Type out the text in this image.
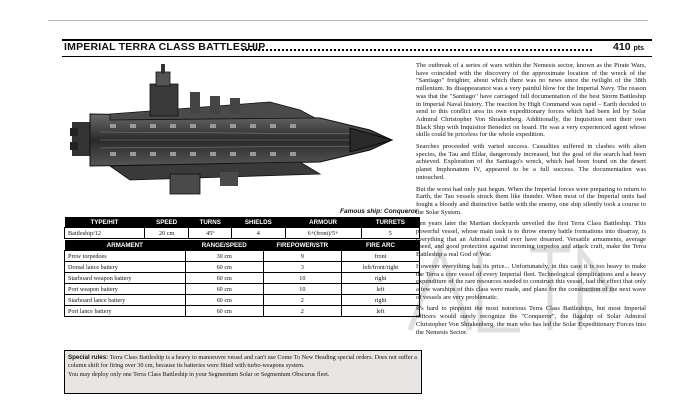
IMPERIAL TERRA CLASS BATTLESHIP	410 pts
Famous ship: Conqueror
TYPE/HIT	SPEED	TURNS	SHIELDS	ARMOUR	TURRETS
Battleship/12	20 cm	45º	4	6+(front)/5+	5
ARMAMENT	RANGE/SPEED	FIREPOWER/STR	FIRE ARC
Prow torpedoes	30 cm	9	front
Dorsal lance battery	60 cm	3	left/front/right
Starboard weapon battery	60 cm	10	right
Port weapon battery	60 cm	10	left
Starboard lance battery	60 cm	2	right
Port lance battery	60 cm	2	left

Special rules: Terra Class Battleship is a heavy to manoeuvre vessel and can't use Come To New Heading special orders. Does not suffer a column shift for firing over 30 cm, because its batteries were fitted with turbo-weapons system.

You may deploy only one Terra Class Battleship in your Segmentum Solar or Segmentum Obscurus fleet.

The outbreak of a series of wars within the Nemesis sector, known as the Pirate Wars, have coincided with the discovery of the approximate location of the wreck of the "Santiago" freighter, about which there was no news since the twilight of the 38th millenium. Its disappearance was a very painful blow for the Imperial Navy. The reason was that the "Santiago" have carriaged full documentation of the best Storm Battleship in Imperial Naval history. The reaction by High Command was rapid – Earth decided to send to this conflict area its own expeditionary forces which had been led by Solar Admiral Christopher Von Shrakenberg. Additionally, the Inquisition sent their own Black Ship with Inquisitor Benedict on board. He was a very experienced agent whose skills could be priceless for the whole expedition.

Searches proceeded with varied success. Casualties suffered in clashes with alien species, the Tau and Eldar, dangerously increased, but the goal of the search had been achieved. Exploration of the Santiago's wreck, which had been found on the desert planet Imphonatum IV, appeared to be a full success. The documentation was untouched.

But the worst had only just begun. When the Imperial forces were preparing to return to Earth, the Tau vessels struck them like thunder. When most of the Imperial units had fought a bloody and distinctive battle with the enemy, one ship silently took a course to the Solar System.

Ten years later the Martian dockyards unveiled the first Terra Class Battleship. This powerful vessel, whose main task is to throw enemy battle formations into disarray, is everything that an Admiral could ever have dreamed. Versatile armaments, average speed, and good protection against incoming torpedos and attack craft, make the Terra Battleship a real God of War.

However everything has its price... Unfortunately, in this case it is too heavy to make the Terra a core vessel of every Imperial fleet. Technological complications and a heavy expenditure of the rare resources needed to construct this vessel, had the effect that only a few warships of this class were made, and plans for the construction of the next wave of vessels are very problematic.

It's hard to pinpoint the most notorious Terra Class Battleships, but most Imperial officers would surely recognize the "Conqueror", the flagship of Solar Admiral Christopher Von Shrakenberg, the man who has led the Solar Expeditionary Forces into the Nemesis Sector.
